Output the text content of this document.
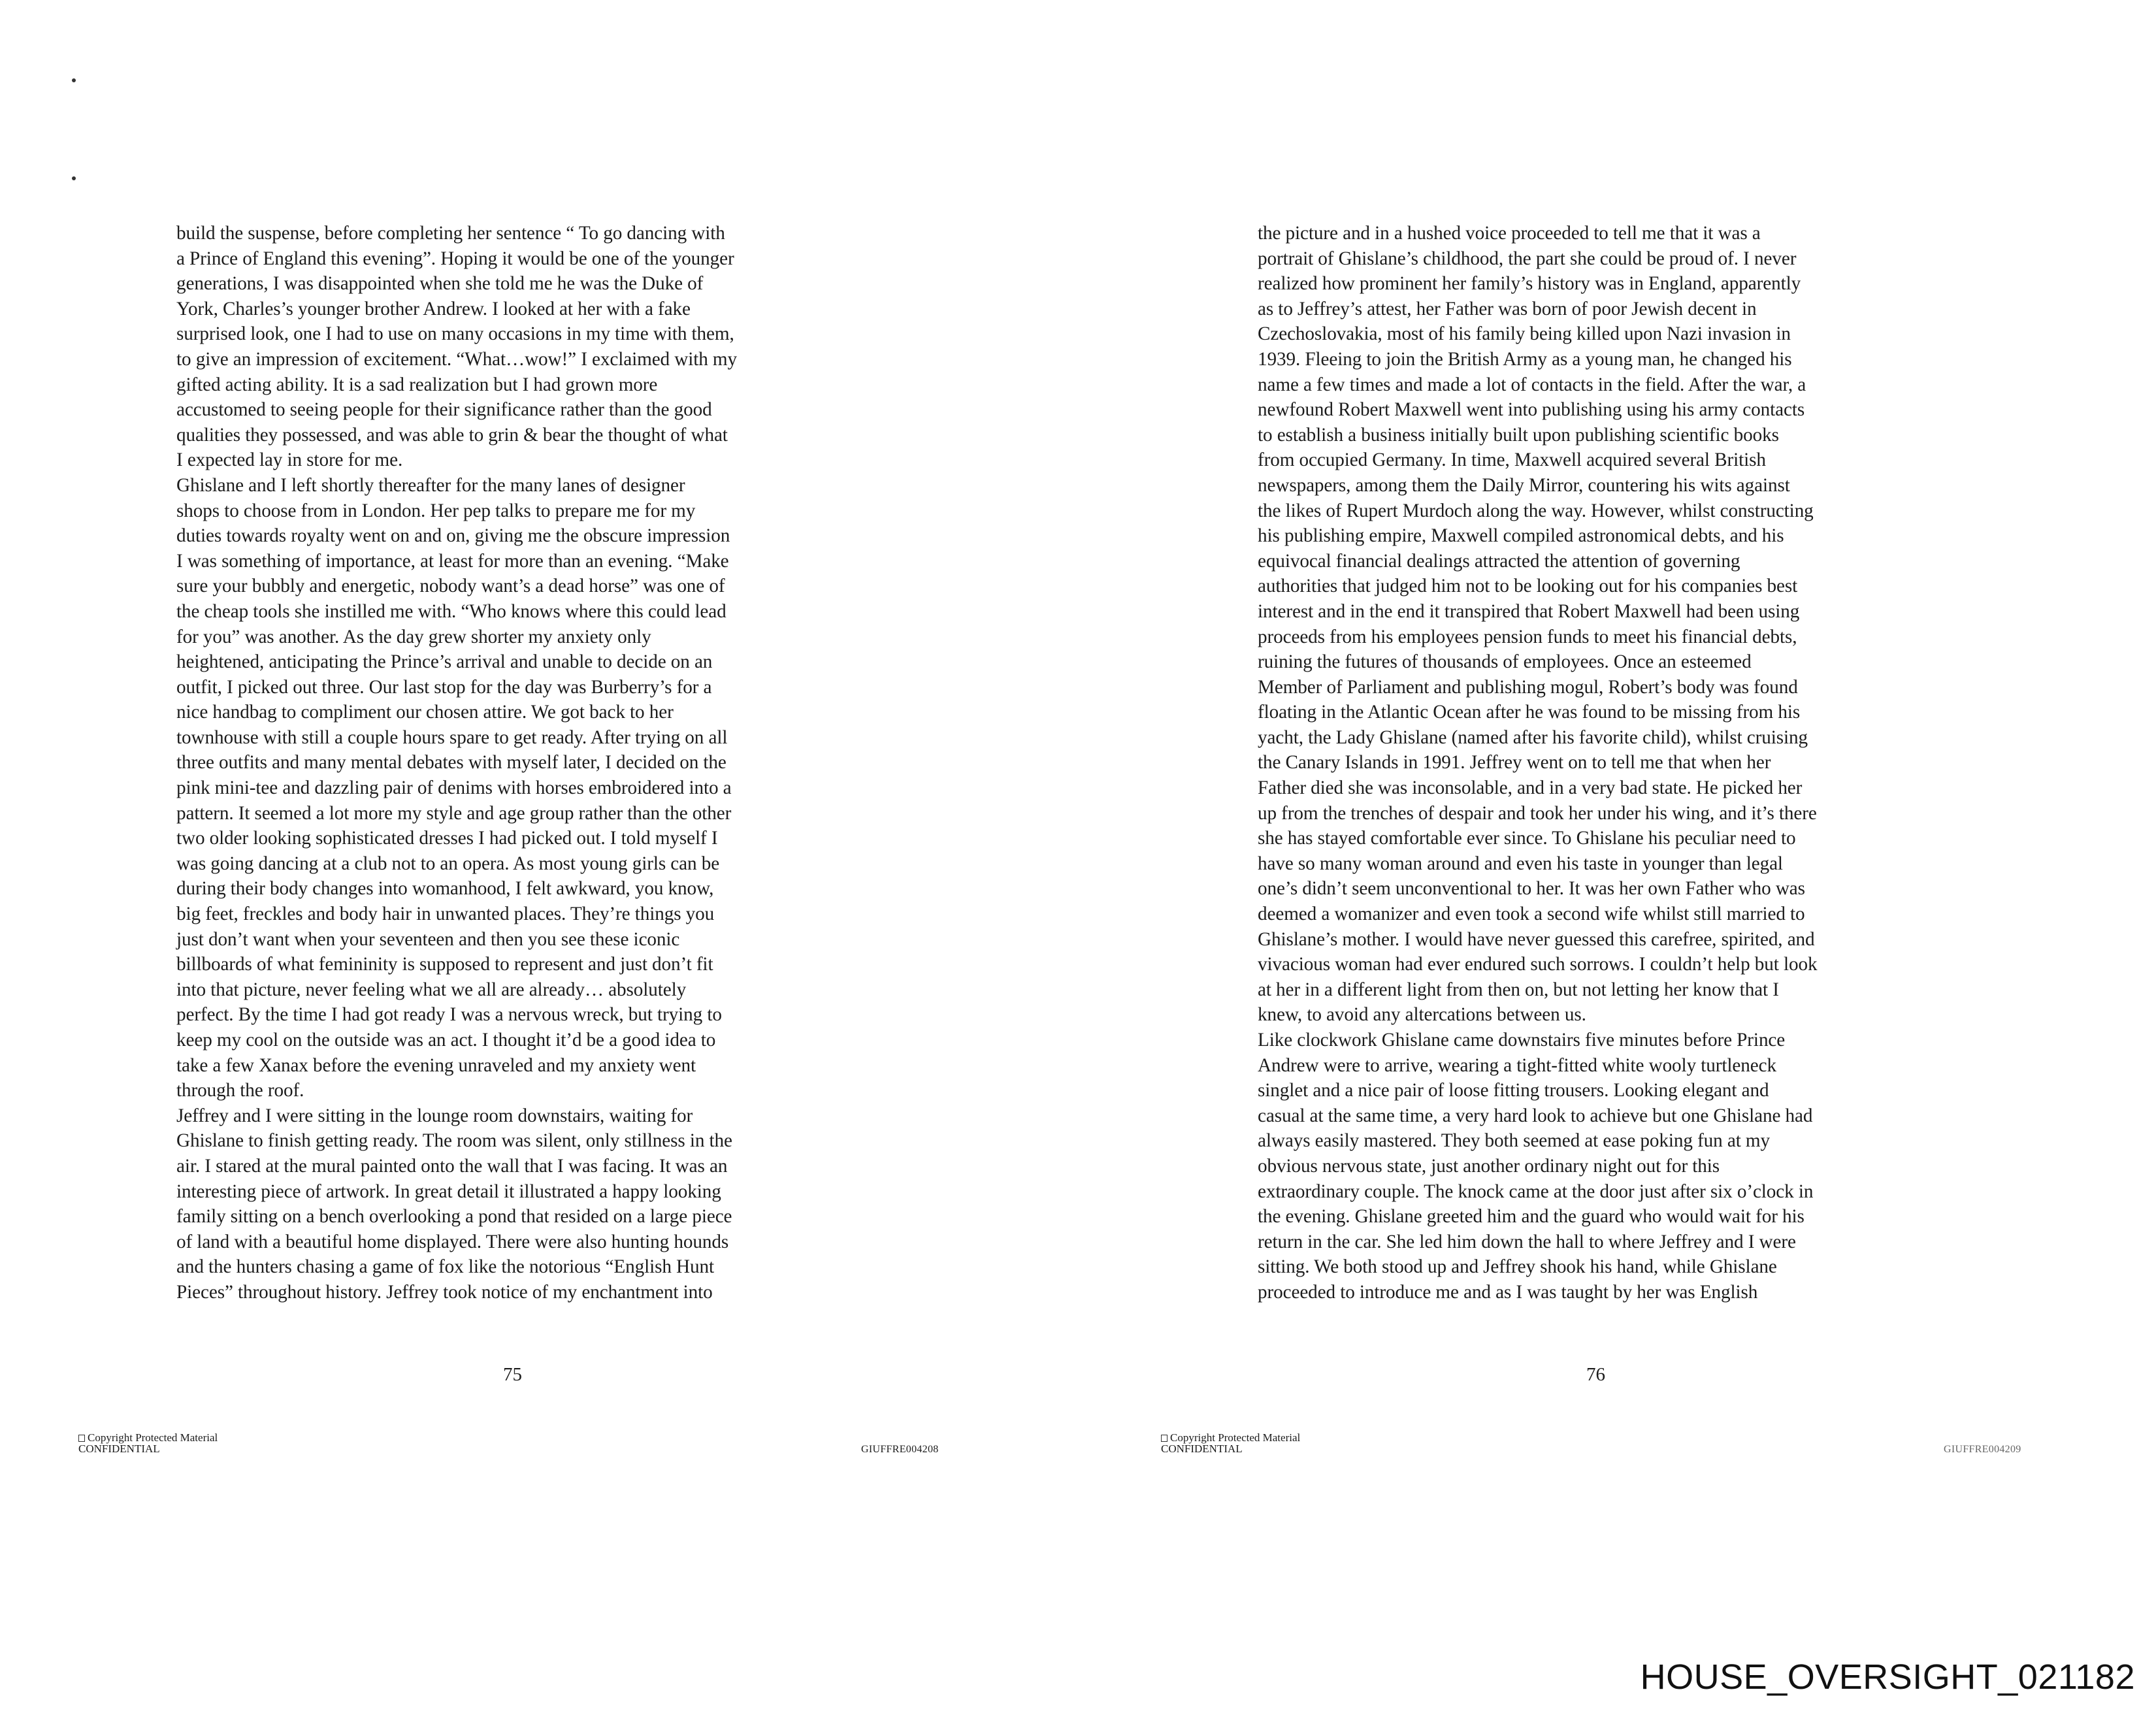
build the suspense, before completing her sentence “ To go dancing with
a Prince of England this evening”. Hoping it would be one of the younger
generations, I was disappointed when she told me he was the Duke of
York, Charles’s younger brother Andrew. I looked at her with a fake
surprised look, one I had to use on many occasions in my time with them,
to give an impression of excitement. “What…wow!” I exclaimed with my
gifted acting ability. It is a sad realization but I had grown more
accustomed to seeing people for their significance rather than the good
qualities they possessed, and was able to grin & bear the thought of what
I expected lay in store for me.
Ghislane and I left shortly thereafter for the many lanes of designer
shops to choose from in London. Her pep talks to prepare me for my
duties towards royalty went on and on, giving me the obscure impression
I was something of importance, at least for more than an evening. “Make
sure your bubbly and energetic, nobody want’s a dead horse” was one of
the cheap tools she instilled me with. “Who knows where this could lead
for you” was another. As the day grew shorter my anxiety only
heightened, anticipating the Prince’s arrival and unable to decide on an
outfit, I picked out three. Our last stop for the day was Burberry’s for a
nice handbag to compliment our chosen attire. We got back to her
townhouse with still a couple hours spare to get ready. After trying on all
three outfits and many mental debates with myself later, I decided on the
pink mini-tee and dazzling pair of denims with horses embroidered into a
pattern. It seemed a lot more my style and age group rather than the other
two older looking sophisticated dresses I had picked out. I told myself I
was going dancing at a club not to an opera. As most young girls can be
during their body changes into womanhood, I felt awkward, you know,
big feet, freckles and body hair in unwanted places. They’re things you
just don’t want when your seventeen and then you see these iconic
billboards of what femininity is supposed to represent and just don’t fit
into that picture, never feeling what we all are already… absolutely
perfect. By the time I had got ready I was a nervous wreck, but trying to
keep my cool on the outside was an act. I thought it’d be a good idea to
take a few Xanax before the evening unraveled and my anxiety went
through the roof.
Jeffrey and I were sitting in the lounge room downstairs, waiting for
Ghislane to finish getting ready. The room was silent, only stillness in the
air. I stared at the mural painted onto the wall that I was facing. It was an
interesting piece of artwork. In great detail it illustrated a happy looking
family sitting on a bench overlooking a pond that resided on a large piece
of land with a beautiful home displayed. There were also hunting hounds
and the hunters chasing a game of fox like the notorious “English Hunt
Pieces” throughout history. Jeffrey took notice of my enchantment into
the picture and in a hushed voice proceeded to tell me that it was a
portrait of Ghislane’s childhood, the part she could be proud of. I never
realized how prominent her family’s history was in England, apparently
as to Jeffrey’s attest, her Father was born of poor Jewish decent in
Czechoslovakia, most of his family being killed upon Nazi invasion in
1939. Fleeing to join the British Army as a young man, he changed his
name a few times and made a lot of contacts in the field. After the war, a
newfound Robert Maxwell went into publishing using his army contacts
to establish a business initially built upon publishing scientific books
from occupied Germany. In time, Maxwell acquired several British
newspapers, among them the Daily Mirror, countering his wits against
the likes of Rupert Murdoch along the way. However, whilst constructing
his publishing empire, Maxwell compiled astronomical debts, and his
equivocal financial dealings attracted the attention of governing
authorities that judged him not to be looking out for his companies best
interest and in the end it transpired that Robert Maxwell had been using
proceeds from his employees pension funds to meet his financial debts,
ruining the futures of thousands of employees. Once an esteemed
Member of Parliament and publishing mogul, Robert’s body was found
floating in the Atlantic Ocean after he was found to be missing from his
yacht, the Lady Ghislane (named after his favorite child), whilst cruising
the Canary Islands in 1991. Jeffrey went on to tell me that when her
Father died she was inconsolable, and in a very bad state. He picked her
up from the trenches of despair and took her under his wing, and it’s there
she has stayed comfortable ever since. To Ghislane his peculiar need to
have so many woman around and even his taste in younger than legal
one’s didn’t seem unconventional to her. It was her own Father who was
deemed a womanizer and even took a second wife whilst still married to
Ghislane’s mother. I would have never guessed this carefree, spirited, and
vivacious woman had ever endured such sorrows. I couldn’t help but look
at her in a different light from then on, but not letting her know that I
knew, to avoid any altercations between us.
Like clockwork Ghislane came downstairs five minutes before Prince
Andrew were to arrive, wearing a tight-fitted white wooly turtleneck
singlet and a nice pair of loose fitting trousers. Looking elegant and
casual at the same time, a very hard look to achieve but one Ghislane had
always easily mastered. They both seemed at ease poking fun at my
obvious nervous state, just another ordinary night out for this
extraordinary couple. The knock came at the door just after six o’clock in
the evening. Ghislane greeted him and the guard who would wait for his
return in the car. She led him down the hall to where Jeffrey and I were
sitting. We both stood up and Jeffrey shook his hand, while Ghislane
proceeded to introduce me and as I was taught by her was English
75	76
Copyright Protected Material
CONFIDENTIAL	GIUFFRE004208
Copyright Protected Material
CONFIDENTIAL	GIUFFRE004209
HOUSE_OVERSIGHT_021182
